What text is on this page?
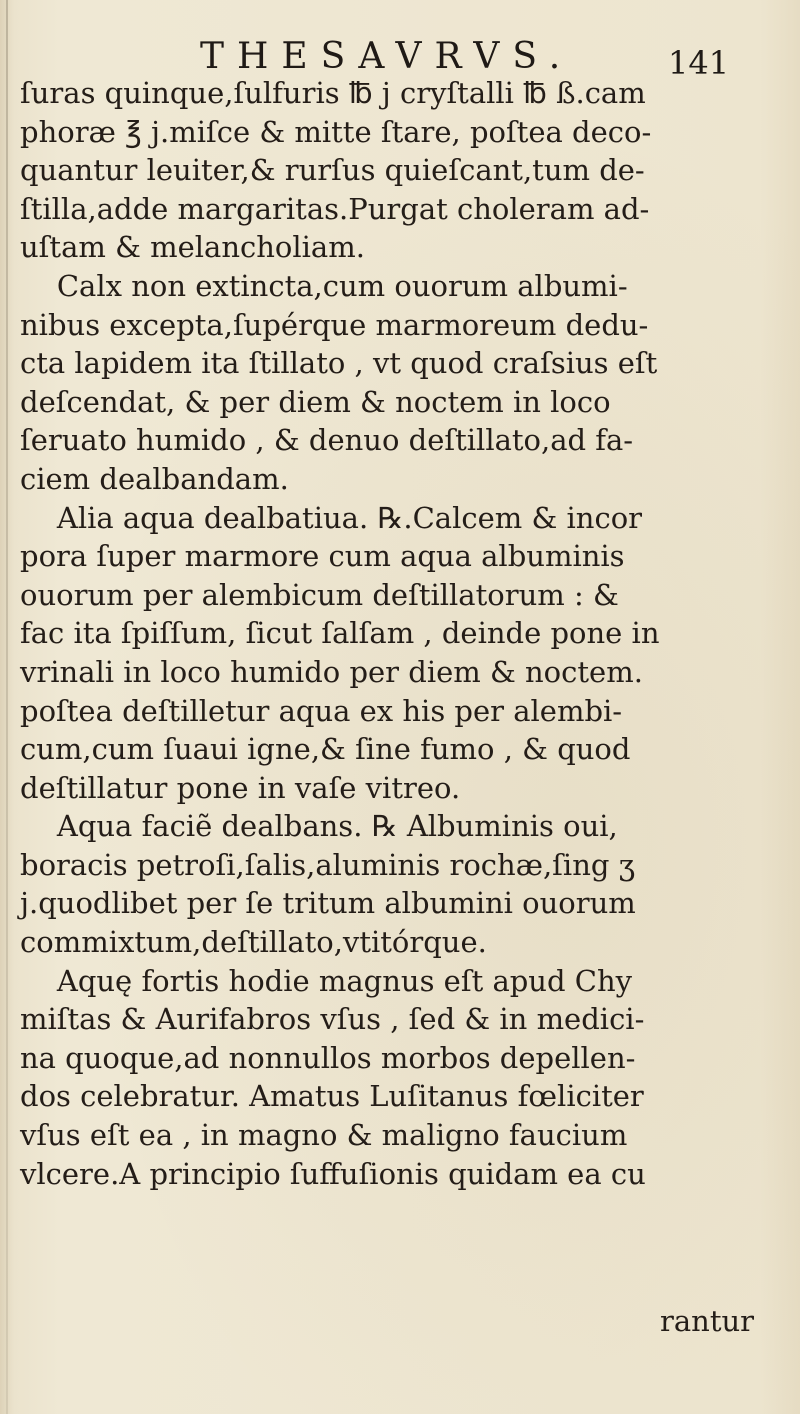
THESAVRVS.	141
ſuras quinque,ſulfuris ℔ j cryſtalli ℔ ß.cam
phoræ ℥ j.miſce & mitte ſtare, poſtea deco-
quantur leuiter,& rurſus quieſcant,tum de-
ſtilla,adde margaritas.Purgat choleram ad-
uſtam & melancholiam.
Calx non extincta,cum ouorum albumi-
nibus excepta,ſupérque marmoreum dedu-
cta lapidem ita ſtillato , vt quod craſsius eſt
deſcendat, & per diem & noctem in loco
ſeruato humido , & denuo deſtillato,ad fa-
ciem dealbandam.
Alia aqua dealbatiua. ℞.Calcem & incor
pora ſuper marmore cum aqua albuminis
ouorum per alembicum deſtillatorum : &
fac ita ſpiſſum, ſicut ſalſam , deinde pone in
vrinali in loco humido per diem & noctem.
poſtea deſtilletur aqua ex his per alembi-
cum,cum ſuaui igne,& ſine fumo , & quod
deſtillatur pone in vaſe vitreo.
Aqua faciẽ dealbans. ℞ Albuminis oui,
boracis petroſi,ſalis,aluminis rochæ,ſing ʒ
j.quodlibet per ſe tritum albumini ouorum
commixtum,deſtillato,vtitórque.
Aquę fortis hodie magnus eſt apud Chy
miſtas & Aurifabros vſus , ſed & in medici-
na quoque,ad nonnullos morbos depellen-
dos celebratur. Amatus Luſitanus fœliciter
vſus eſt ea , in magno & maligno faucium
vlcere.A principio ſuffuſionis quidam ea cu
rantur
